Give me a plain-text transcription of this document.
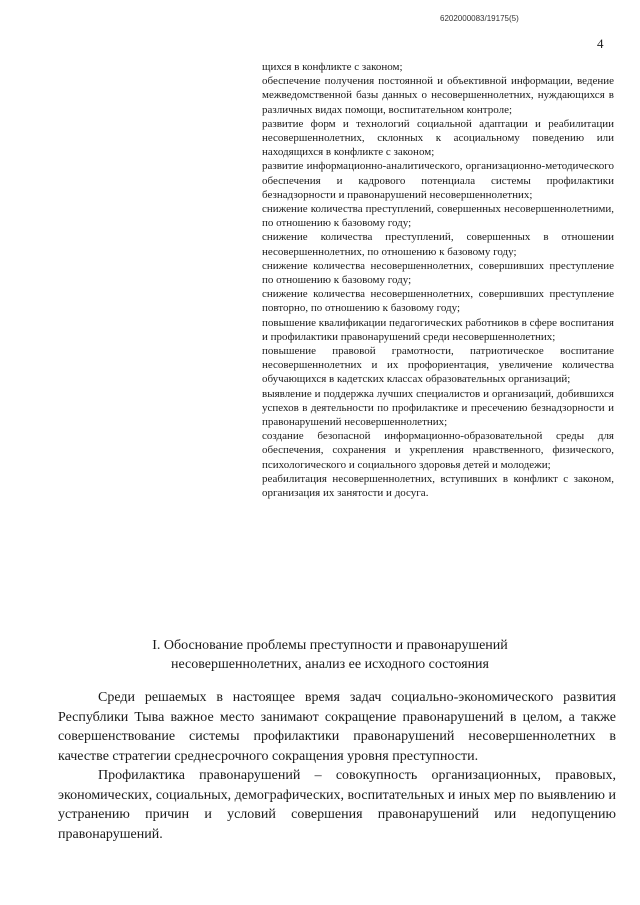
6202000083/19175(5)
4

щихся в конфликте с законом;

обеспечение получения постоянной и объективной информации, ведение межведомственной базы данных о несовершеннолетних, нуждающихся в различных видах помощи, воспитательном контроле;

развитие форм и технологий социальной адаптации и реабилитации несовершеннолетних, склонных к асоциальному поведению или находящихся в конфликте с законом;

развитие информационно-аналитического, организационно-методического обеспечения и кадрового потенциала системы профилактики безнадзорности и правонарушений несовершеннолетних;

снижение количества преступлений, совершенных несовершеннолетними, по отношению к базовому году;

снижение количества преступлений, совершенных в отношении несовершеннолетних, по отношению к базовому году;

снижение количества несовершеннолетних, совершивших преступление по отношению к базовому году;

снижение количества несовершеннолетних, совершивших преступление повторно, по отношению к базовому году;

повышение квалификации педагогических работников в сфере воспитания и профилактики правонарушений среди несовершеннолетних;

повышение правовой грамотности, патриотическое воспитание несовершеннолетних и их профориентация, увеличение количества обучающихся в кадетских классах образовательных организаций;

выявление и поддержка лучших специалистов и организаций, добившихся успехов в деятельности по профилактике и пресечению безнадзорности и правонарушений несовершеннолетних;

создание безопасной информационно-образовательной среды для обеспечения, сохранения и укрепления нравственного, физического, психологического и социального здоровья детей и молодежи;

реабилитация несовершеннолетних, вступивших в конфликт с законом, организация их занятости и досуга.

I. Обоснование проблемы преступности и правонарушений
несовершеннолетних, анализ ее исходного состояния

Среди решаемых в настоящее время задач социально-экономического развития Республики Тыва важное место занимают сокращение правонарушений в целом, а также совершенствование системы профилактики правонарушений несовершеннолетних в качестве стратегии среднесрочного сокращения уровня преступности.

Профилактика правонарушений – совокупность организационных, правовых, экономических, социальных, демографических, воспитательных и иных мер по выявлению и устранению причин и условий совершения правонарушений или недопущению правонарушений.
